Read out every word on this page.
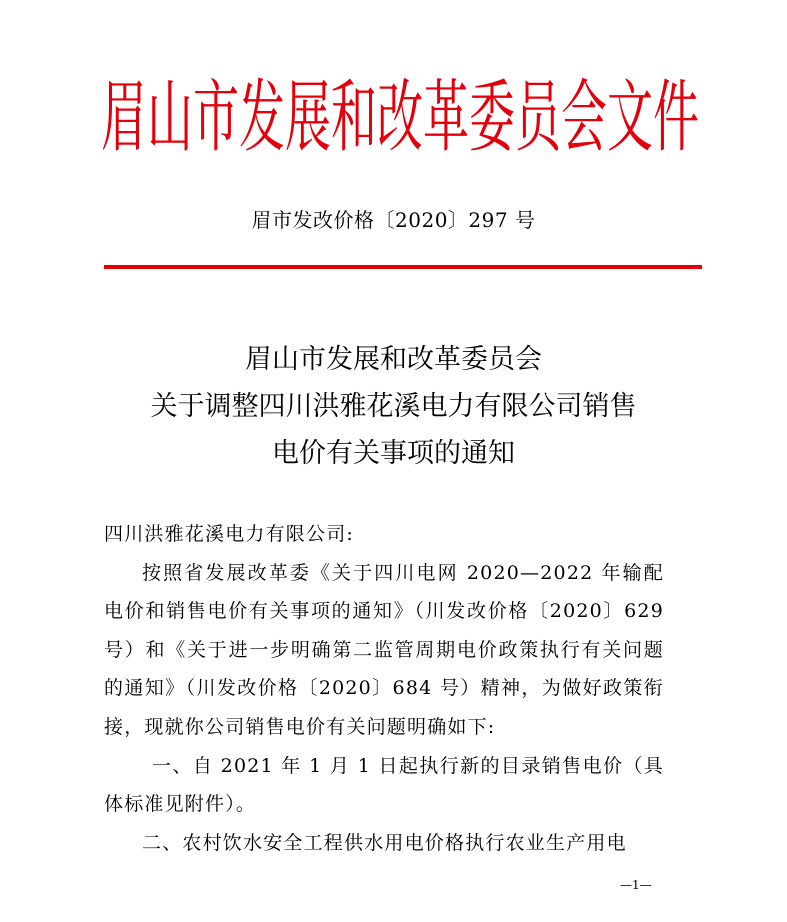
眉山市发展和改革委员会文件
眉市发改价格〔2020〕297 号
眉山市发展和改革委员会
关于调整四川洪雅花溪电力有限公司销售
电价有关事项的通知

四川洪雅花溪电力有限公司:

按照省发展改革委《关于四川电网 2020—2022 年输配电价和销售电价有关事项的通知》（川发改价格〔2020〕629号）和《关于进一步明确第二监管周期电价政策执行有关问题的通知》（川发改价格〔2020〕684 号）精神，为做好政策衔接，现就你公司销售电价有关问题明确如下:

一、自 2021 年 1 月 1 日起执行新的目录销售电价（具体标准见附件）。

二、农村饮水安全工程供水用电价格执行农业生产用电

—1—
